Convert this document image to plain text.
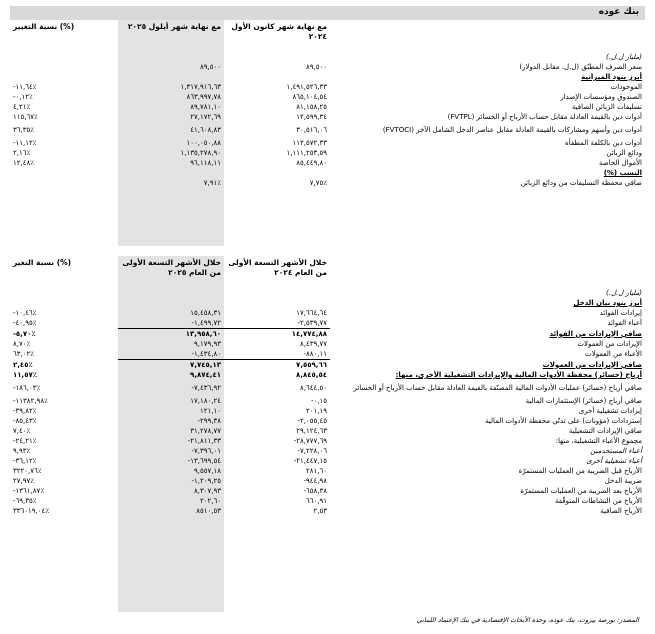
بنك عوده
نسبة التغيير (%)	مع نهاية شهر أيلول ٢٠٢٥	مع نهاية شهر كانون الأول ٢٠٢٤	
			(مليار ل.ل.)
	٨٩,٥٠٠	٨٩,٥٠٠	سعر الصرف المطبّق (ل.ل. مقابل الدولار)
			أبرز بنود الميزانية
-١١,٦٤٪	١,٣١٧,٩١٦,٦٣	١,٤٩١,٥٢٦,٣٣	الموجودات
-٠,١٢٪	٨٦٣,٩٩٧,٧٨	٨٦٥,١٠٤,٥٤	الصندوق ومؤسسات الإصدار
٤,٢١٪	٨٩,٧٨١,١٠	٨١,١٥٨,٢٥	تسليفات الزبائن الصافية
١١٥,٦٧٪	٢٧,١٧٢,٦٩	١٢,٥٩٩,٣٤	أدوات دين بالقيمة العادلة مقابل حساب الأرباح أو الخسائر (FVTPL)
٣٦,٣٥٪	٤١,٦٠٨,٨٣	٣٠,٥١٦,٠٦	أدوات دين وأسهم ومشاركات بالقيمة العادلة مقابل عناصر الدخل الشامل الآخر (FVTOCI)
-١١,١٢٪	١٠٠,٠٥٠,٨٨	١١٢,٥٧٢,٣٣	أدوات دين بالكلفة المطفأة
٢,١٦٪	١,١٣٥,٢٧٨,٩٠	١,١١١,٢٥٣,٥٩	ودائع الزبائن
١٢,٤٨٪	٩٦,١١٨,١١	٨٥,٤٤٩,٨٠	الأموال الخاصة
			النسب (%)
	٧,٩١٪	٧,٧٥٪	صافي محفظة التسليفات من ودائع الزبائن
نسبة التغير (%)	خلال الأشهر التسعة الأولى من العام ٢٠٢٥	خلال الأشهر التسعة الأولى من العام ٢٠٢٤	
			(مليار ل.ل.)
			أبرز بنود بيان الدخل
-١٠,٤٦٪	١٥,٤٥٨,٣١	١٧,٦٦٤,٦٤	إيرادات الفوائد
-٤٠,٩٥٪	-١,٤٩٩,٧٢	-٢,٥٣٩,٧٧	أعباء الفوائد
-٥,٧٠٪	١٣,٩٥٨,٦٠	١٤,٧٧٤,٨٨	صافي الإيرادات من الفوائد
٨,٧٠٪	٩,١٧٩,٩٣	٨,٤٣٩,٧٧	الإيرادات من العمولات
٦٣,٠٢٪	-١,٤٣٤,٨٠	-٨٨٠,١١	الأعباء من العمولات
٢,٤٥٪	٧,٧٤٥,١٣	٧,٥٥٩,٦٦	صافي الإيرادات من العمولات
١١,٥٧٪	٩,٨٧٤,٤١	٨,٨٤٥,٥٤	أرباح (خسائر) محفظة الأدوات المالية والإيرادات التشغيلية الأخرى، منها:
-١٨٦,٠٣٪	-٧,٤٣٦,٩٢	٨,٦٤٤,٥٠	صافي أرباح (خسائر) عمليات الأدوات المالية المصنّفة بالقيمة العادلة مقابل حساب الأرباح أو الخسائر
-١١٣٨٢,٩٨٪	١٧,١٨٠,٢٤	-٠,١٥	صافي أرباح (خسائر) الإستثمارات المالية
-٣٩,٨٢٪	١٢١,١٠	٢٠١,١٩	إيرادات تشغيلية أخرى
-٨٥,٤٣٪	-٢٩٩,٣٨	-٢,٠٥٥,٤٥	إستردادات (مؤونات) على تدنّي محفظة الأدوات المالية
٧,٤٠٪	٣١,٢٧٨,٧٧	٢٩,١٢٤,٦٣	صافي الإيرادات التشغيلية
-٢٤,٢١٪	-٢١,٨١١,٣٣	-٢٨,٧٧٧,٦٩	مجموع الأعباء التشغيلية، منها:
٩,٩٣٪	-٧,٣٩٦,٠١	-٧,٢٢٨,٠٦	أعباء المستخدمين
-٣٦,١٢٪	-١٣,٦٩٩,٥٤	-٢١,٤٤٧,١٥	أعباء تشغيلية أخرى
٣٢٢٠,٧٦٪	٩,٥٥٧,١٨	٢٨١,٦٠	الأرباح قبل الضريبة من العمليات المستمرّة
٢٧,٩٧٪	-١,٢٠٩,٢٥	-٩٤٤,٩٨	ضريبة الدخل
-١٣٦١,٨٧٪	٨,٣٠٧,٩٣	-٦٥٨,٣٨	الأرباح بعد الضريبة من العمليات المستمرّة
-٦٩,٣٥٪	٢٠٢,٦٠	٦٦٠,٩١	الأرباح من النشاطات المتوقّفة
٣٣٦٠١٩,٠٤٪	٨٥١٠,٥٣	٢,٥٣	الأرباح الصافية
المصدر: بورصة بيروت، بنك عوده، وحدة الأبحاث الإقتصادية في بنك الإعتماد اللبناني
